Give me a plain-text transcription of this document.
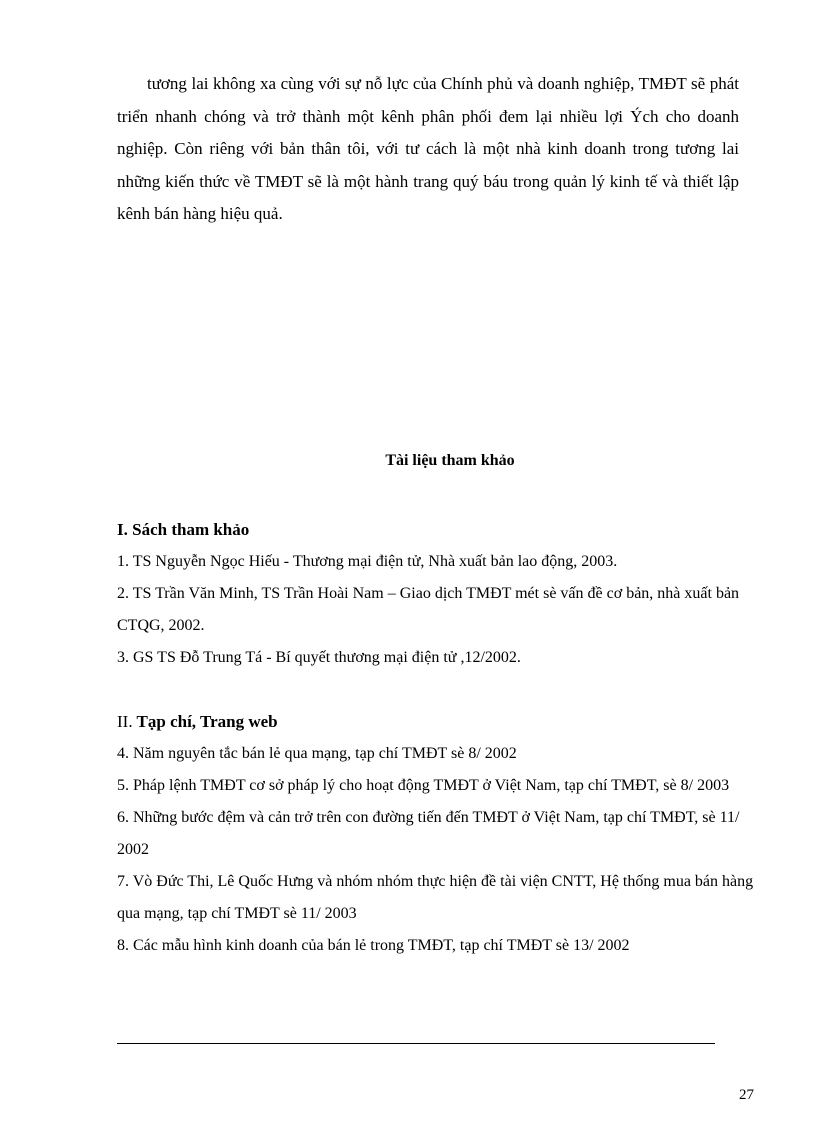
tương lai không xa cùng với sự nỗ lực của Chính phủ và doanh nghiệp, TMĐT sẽ phát triển nhanh chóng và trở thành một kênh phân phối đem lại nhiều lợi Ých cho doanh nghiệp. Còn riêng với bản thân tôi, với tư cách là một nhà kinh doanh trong tương lai những kiến thức về TMĐT sẽ là một hành trang quý báu trong quản lý kinh tế và thiết lập kênh bán hàng hiệu quả.

Tài liệu tham khảo

I. Sách tham khảo

1. TS Nguyễn Ngọc Hiếu - Thương mại điện tử, Nhà xuất bản lao động, 2003.
2. TS Trần Văn Minh, TS Trần Hoài Nam – Giao dịch TMĐT mét sè vấn đề cơ bản, nhà xuất bản CTQG, 2002.
3. GS TS Đỗ Trung Tá - Bí quyết thương mại điện tử ,12/2002.

II. Tạp chí, Trang web

4. Năm nguyên tắc bán lẻ qua mạng, tạp chí TMĐT sè 8/ 2002
5. Pháp lệnh TMĐT cơ sở pháp lý cho hoạt động TMĐT ở Việt Nam, tạp chí TMĐT, sè 8/ 2003
6. Những bước đệm và cản trở trên con đường tiến đến TMĐT ở Việt Nam, tạp chí TMĐT, sè 11/ 2002
7. Vò Đức Thi, Lê Quốc Hưng và nhóm nhóm thực hiện đề tài viện CNTT, Hệ thống mua bán hàng qua mạng, tạp chí TMĐT sè 11/ 2003
8. Các mẫu hình kinh doanh của bán lẻ trong TMĐT, tạp chí TMĐT sè 13/ 2002

27
